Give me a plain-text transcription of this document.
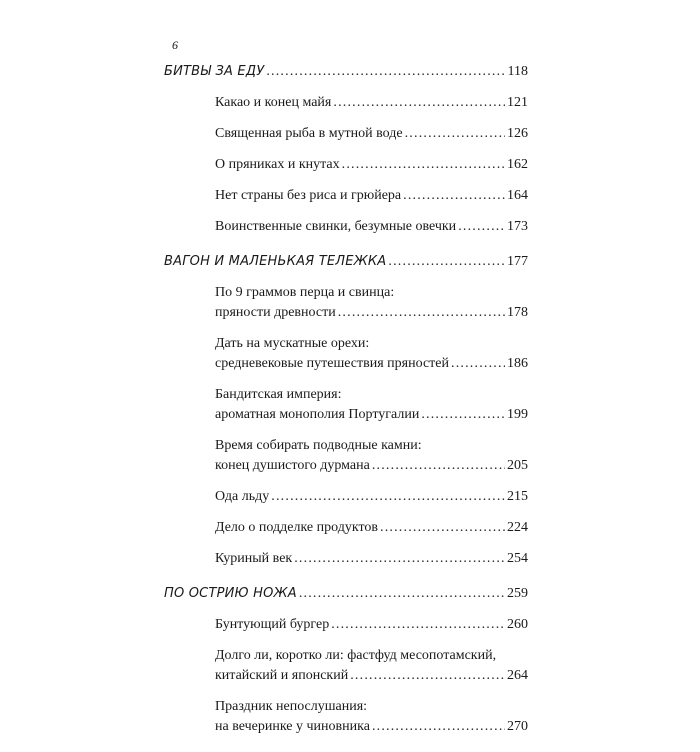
6
БИТВЫ ЗА ЕДУ .....	118
Какао и конец майя .....	121
Священная рыба в мутной воде .....	126
О пряниках и кнутах .....	162
Нет страны без риса и грюйера .....	164
Воинственные свинки, безумные овечки .....	173
ВАГОН И МАЛЕНЬКАЯ ТЕЛЕЖКА .....	177
По 9 граммов перца и свинца:
пряности древности .....	178
Дать на мускатные орехи:
средневековые путешествия пряностей .....	186
Бандитская империя:
ароматная монополия Португалии .....	199
Время собирать подводные камни:
конец душистого дурмана .....	205
Ода льду .....	215
Дело о подделке продуктов .....	224
Куриный век .....	254
ПО ОСТРИЮ НОЖА .....	259
Бунтующий бургер .....	260
Долго ли, коротко ли: фастфуд месопотамский,
китайский и японский .....	264
Праздник непослушания:
на вечеринке у чиновника .....	270
